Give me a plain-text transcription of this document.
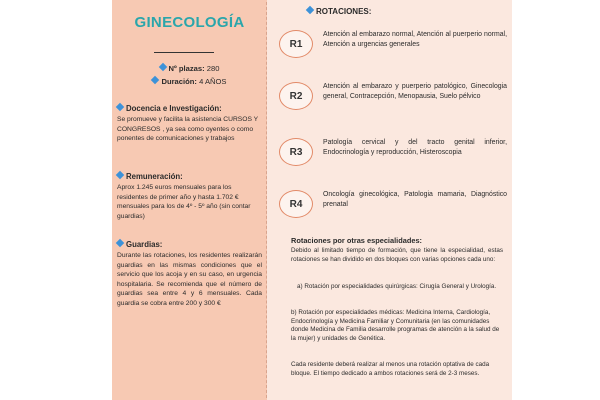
GINECOLOGÍA
Nº plazas: 280
Duración: 4 AÑOS
Docencia e Investigación:
Se promueve y facilita la asistencia CURSOS Y CONGRESOS , ya sea como oyentes o como ponentes de comunicaciones y trabajos
Remuneración:
Aprox 1.245 euros mensuales para los residentes de primer año y hasta 1.702 € mensuales para los de 4º - 5º año (sin contar guardias)
Guardias:
Durante las rotaciones, los residentes realizarán guardias en las mismas condiciones que el servicio que los acoja y en su caso, en urgencia hospitalaria. Se recomienda que el número de guardias sea entre 4 y 6 mensuales. Cada guardia se cobra entre 200 y 300 €
ROTACIONES:
R1
Atención al embarazo normal, Atención al puerperio normal, Atención a urgencias generales
R2
Atención al embarazo y puerperio patológico, Ginecologia general, Contracepción, Menopausia, Suelo pélvico
R3
Patología cervical y del tracto genital inferior, Endocrinología y reproducción, Histeroscopia
R4
Oncología ginecológica, Patologia mamaria, Diagnóstico prenatal
Rotaciones por otras especialidades:
Debido al limitado tiempo de formación, que tiene la especialidad, estas rotaciones se han dividido en dos bloques con varias opciones cada uno:
a) Rotación por especialidades quirúrgicas: Cirugía General y Urología.
b) Rotación por especialidades médicas: Medicina Interna, Cardiología, Endocrinología y Medicina Familiar y Comunitaria (en las comunidades donde Medicina de Familia desarrolle programas de atención a la salud de la mujer) y unidades de Genética.
Cada residente deberá realizar al menos una rotación optativa de cada bloque. El tiempo dedicado a ambos rotaciones será de 2-3 meses.
